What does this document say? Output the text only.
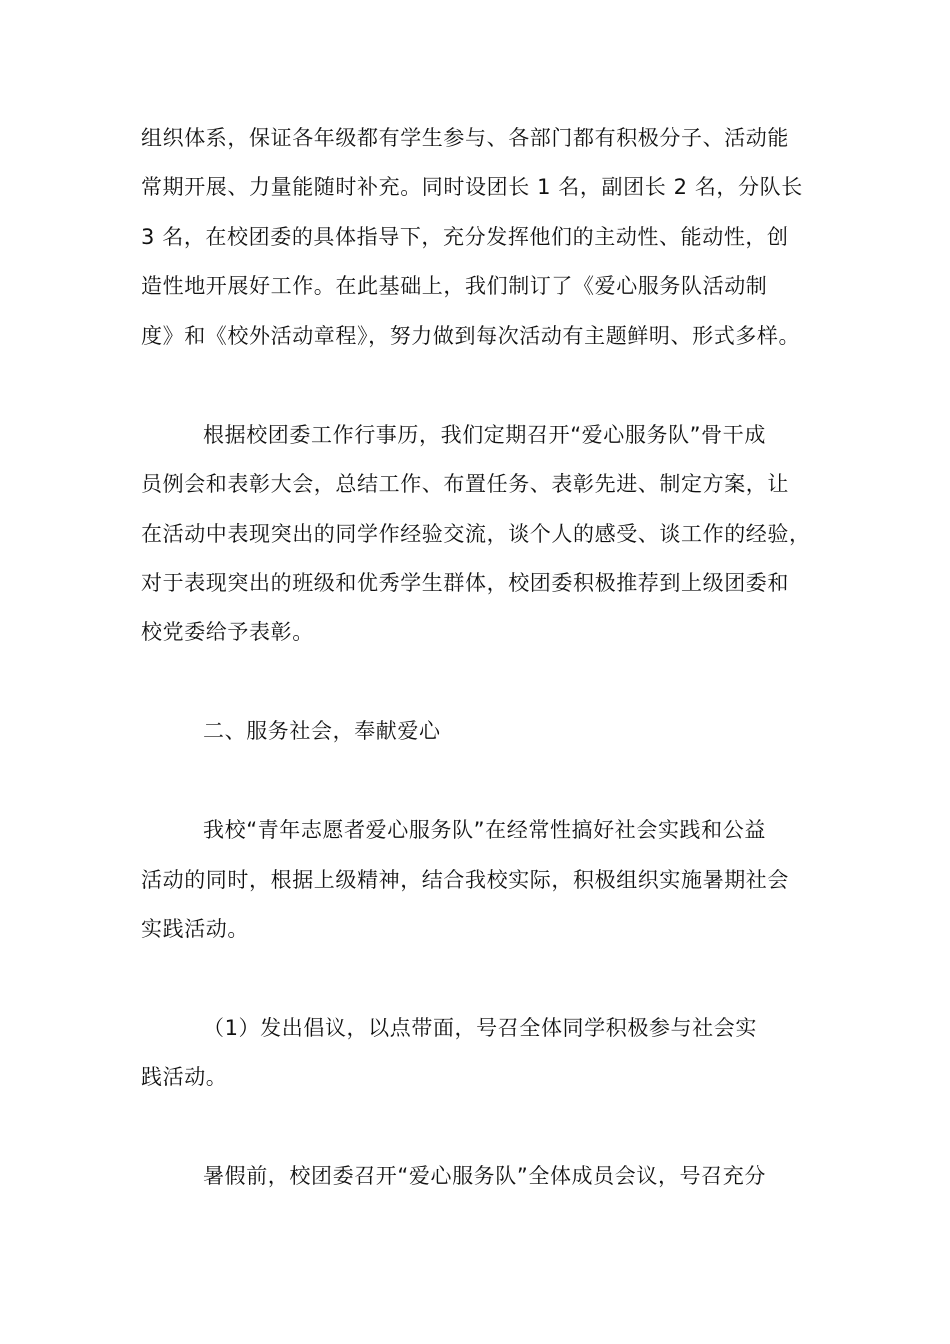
组织体系，保证各年级都有学生参与、各部门都有积极分子、活动能
常期开展、力量能随时补充。同时设团长 1 名，副团长 2 名，分队长
3 名，在校团委的具体指导下，充分发挥他们的主动性、能动性，创
造性地开展好工作。在此基础上，我们制订了《爱心服务队活动制
度》和《校外活动章程》，努力做到每次活动有主题鲜明、形式多样。
根据校团委工作行事历，我们定期召开“爱心服务队”骨干成
员例会和表彰大会，总结工作、布置任务、表彰先进、制定方案，让
在活动中表现突出的同学作经验交流，谈个人的感受、谈工作的经验，
对于表现突出的班级和优秀学生群体，校团委积极推荐到上级团委和
校党委给予表彰。
二、服务社会，奉献爱心
我校“青年志愿者爱心服务队”在经常性搞好社会实践和公益
活动的同时，根据上级精神，结合我校实际，积极组织实施暑期社会
实践活动。
（1）发出倡议，以点带面，号召全体同学积极参与社会实
践活动。
暑假前，校团委召开“爱心服务队”全体成员会议，号召充分
